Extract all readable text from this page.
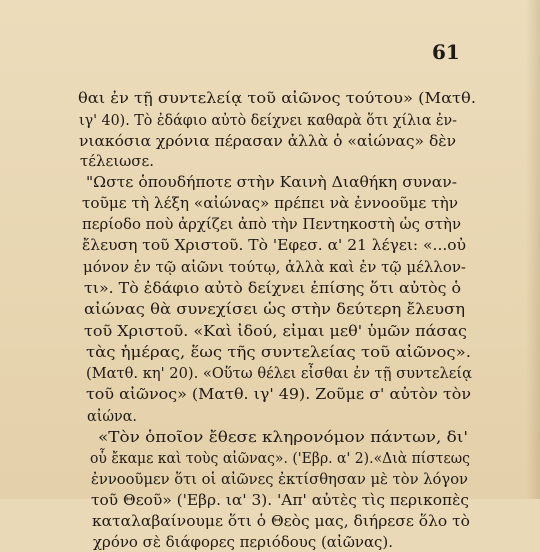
61
θαι ἐν τῇ συντελείᾳ τοῦ αἰῶνος τούτου» (Ματθ.
ιγ' 40). Τὸ ἐδάφιο αὐτὸ δείχνει καθαρὰ ὅτι χίλια ἐν-
νιακόσια χρόνια πέρασαν ἀλλὰ ὁ «αἰώνας» δὲν
τέλειωσε.
"Ωστε ὁπουδήποτε στὴν Καινὴ Διαθήκη συναν-
τοῦμε τὴ λέξη «αἰώνας» πρέπει νὰ ἐννοοῦμε τὴν
περίοδο ποὺ ἀρχίζει ἀπὸ τὴν Πεντηκοστὴ ὡς στὴν
ἔλευση τοῦ Χριστοῦ. Τὸ 'Εφεσ. α' 21 λέγει: «...οὐ
μόνον ἐν τῷ αἰῶνι τούτῳ, ἀλλὰ καὶ ἐν τῷ μέλλον-
τι». Τὸ ἐδάφιο αὐτὸ δείχνει ἐπίσης ὅτι αὐτὸς ὁ
αἰώνας θὰ συνεχίσει ὡς στὴν δεύτερη ἔλευση
τοῦ Χριστοῦ. «Καὶ ἰδού, εἰμαι μεθ' ὑμῶν πάσας
τὰς ἡμέρας, ἕως τῆς συντελείας τοῦ αἰῶνος».
(Ματθ. κη' 20). «Οὕτω θέλει εἶσθαι ἐν τῇ συντελείᾳ
τοῦ αἰῶνος» (Ματθ. ιγ' 49). Ζοῦμε σ' αὐτὸν τὸν
αἰώνα.
«Τὸν ὁποῖον ἔθεσε κληρονόμον πάντων, δι'
οὗ ἔκαμε καὶ τοὺς αἰῶνας». ('Εβρ. α' 2).«Διὰ πίστεως
ἐννοοῦμεν ὅτι οἱ αἰῶνες ἐκτίσθησαν μὲ τὸν λόγον
τοῦ Θεοῦ» ('Εβρ. ια' 3). 'Απ' αὐτὲς τὶς περικοπὲς
καταλαβαίνουμε ὅτι ὁ Θεὸς μας, διήρεσε ὅλο τὸ
χρόνο σὲ διάφορες περιόδους (αἰῶνας).
